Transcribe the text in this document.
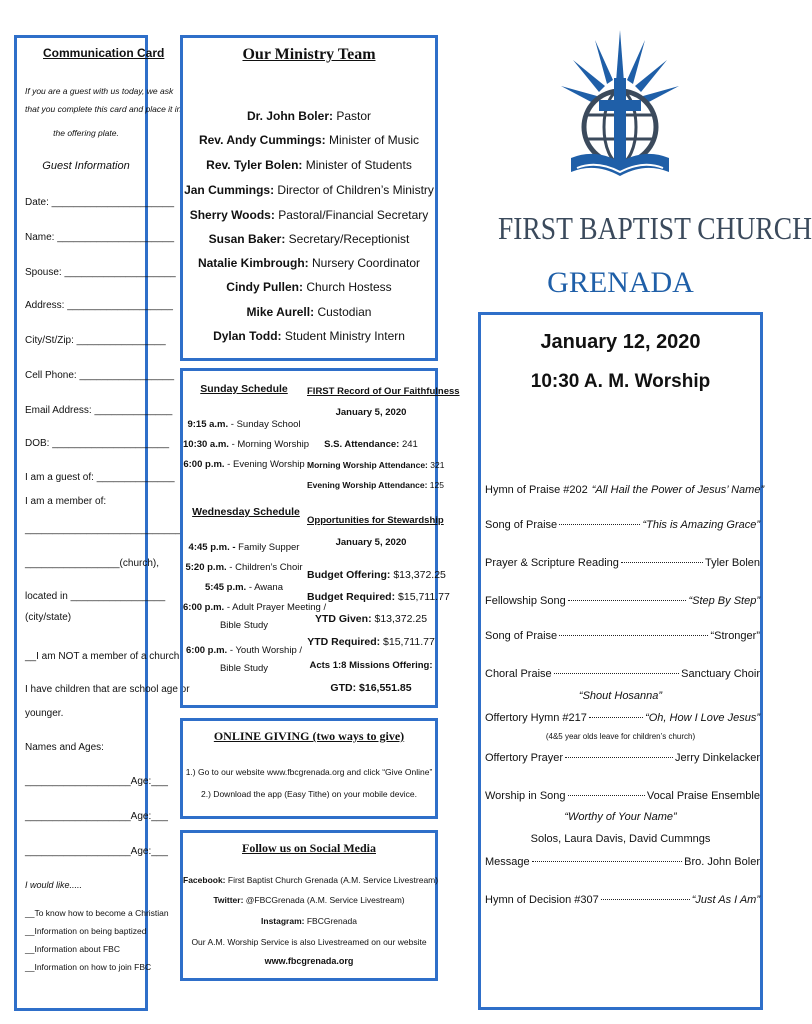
Communication Card
If you are a guest with us today, we ask
that you complete this card and place it in
the offering plate.
Guest Information
Date: ______________________
Name: _____________________
Spouse: ____________________
Address: ___________________
City/St/Zip: ________________
Cell Phone: _________________
Email Address: ______________
DOB: _____________________
I am a guest of: ______________
I am a member of:
____________________________
_________________(church),
located in _________________
(city/state)
__I am NOT a member of a church.
I have children that are school age or
younger.
Names and Ages:
___________________Age:___
___________________Age:___
___________________Age:___
I would like.....
__To know how to become a Christian
__Information on being baptized
__Information about FBC
__Information on how to join FBC
Our Ministry Team
Dr. John Boler: Pastor
Rev. Andy Cummings: Minister of Music
Rev. Tyler Bolen: Minister of Students
Jan Cummings: Director of Children’s Ministry
Sherry Woods: Pastoral/Financial Secretary
Susan Baker: Secretary/Receptionist
Natalie Kimbrough: Nursery Coordinator
Cindy Pullen: Church Hostess
Mike Aurell: Custodian
Dylan Todd: Student Ministry Intern
Sunday Schedule
9:15 a.m. - Sunday School
10:30 a.m. - Morning Worship
6:00 p.m. - Evening Worship
Wednesday Schedule
4:45 p.m. - Family Supper
5:20 p.m. - Children’s Choir
5:45 p.m. - Awana
6:00 p.m. - Adult Prayer Meeting /
Bible Study
6:00 p.m. - Youth Worship /
Bible Study
FIRST Record of Our Faithfulness
January 5, 2020
S.S. Attendance: 241
Morning Worship Attendance: 321
Evening Worship Attendance: 125
Opportunities for Stewardship
January 5, 2020
Budget Offering: $13,372.25
Budget Required: $15,711.77
YTD Given: $13,372.25
YTD Required: $15,711.77
Acts 1:8 Missions Offering:
GTD: $16,551.85
ONLINE GIVING (two ways to give)
1.) Go to our website www.fbcgrenada.org and click “Give Online”
2.) Download the app (Easy Tithe) on your mobile device.
Follow us on Social Media
Facebook: First Baptist Church Grenada (A.M. Service Livestream)
Twitter: @FBCGrenada (A.M. Service Livestream)
Instagram: FBCGrenada
Our A.M. Worship Service is also Livestreamed on our website
www.fbcgrenada.org
FIRST BAPTIST CHURCH
GRENADA
January 12, 2020
10:30 A. M. Worship
Hymn of Praise #202 “All Hail the Power of Jesus’ Name”
Song of Praise	“This is Amazing Grace”
Prayer & Scripture Reading	Tyler Bolen
Fellowship Song	“Step By Step”
Song of Praise	“Stronger”
Choral Praise	Sanctuary Choir
“Shout Hosanna”
Offertory Hymn #217	“Oh, How I Love Jesus”
(4&5 year olds leave for children’s church)
Offertory Prayer	Jerry Dinkelacker
Worship in Song	Vocal Praise Ensemble
“Worthy of Your Name”
Solos, Laura Davis, David Cummngs
Message	Bro. John Boler
Hymn of Decision #307	“Just As I Am”
